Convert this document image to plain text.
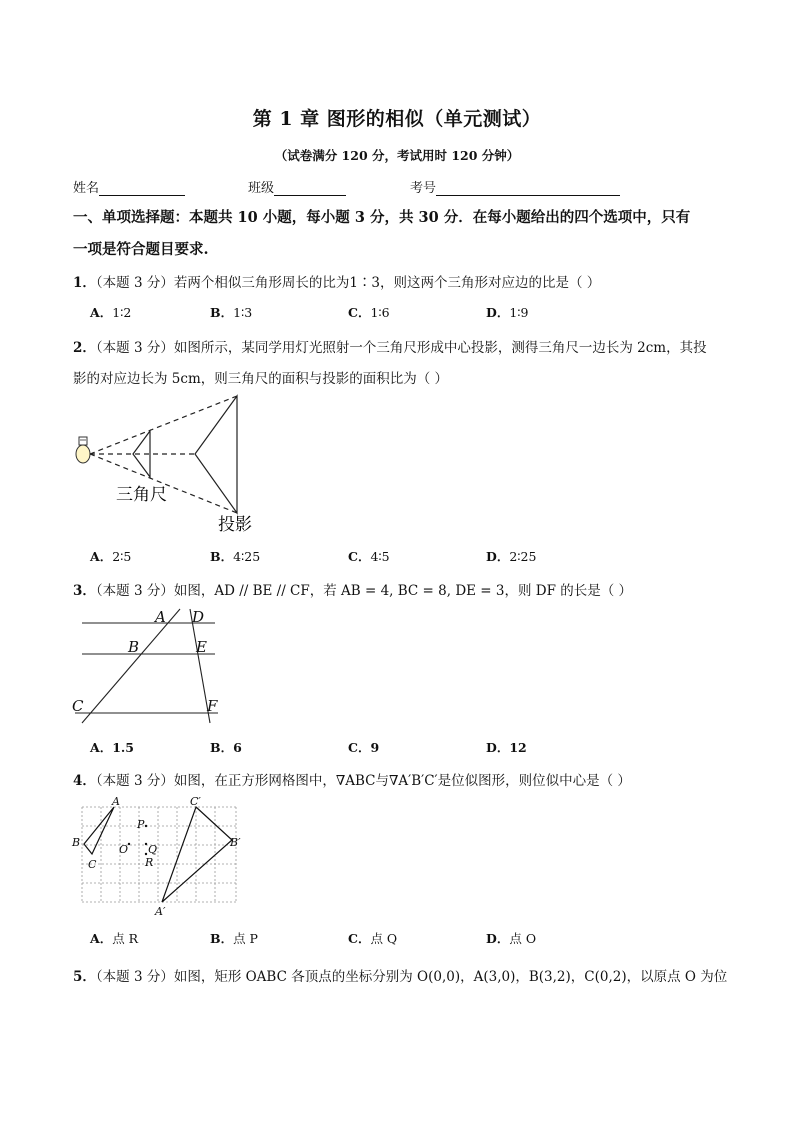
第 1 章 图形的相似（单元测试）
（试卷满分 120 分，考试用时 120 分钟）
姓名	班级	考号
一、单项选择题：本题共 10 小题，每小题 3 分，共 30 分．在每小题给出的四个选项中，只有
一项是符合题目要求.
1．（本题 3 分）若两个相似三角形周长的比为1∶3，则这两个三角形对应边的比是（ ）
A．1∶2	B．1∶3	C．1∶6	D．1∶9
2．（本题 3 分）如图所示，某同学用灯光照射一个三角尺形成中心投影，测得三角尺一边长为 2cm，其投
影的对应边长为 5cm，则三角尺的面积与投影的面积比为（ ）
三角尺
投影
A．2∶5	B．4∶25	C．4∶5	D．2∶25
3．（本题 3 分）如图，AD // BE // CF，若 AB = 4, BC = 8, DE = 3，则 DF 的长是（ ）
A D
B	E
C	F
A．1.5	B．6	C．9	D．12
4．（本题 3 分）如图，在正方形网格图中，∇ABC与∇A′B′C′是位似图形，则位似中心是（ ）
A
B
C
P
O Q
R
C′
B′
A′
A．点 R	B．点 P	C．点 Q	D．点 O
5．（本题 3 分）如图，矩形 OABC 各顶点的坐标分别为 O(0,0)，A(3,0)，B(3,2)，C(0,2)，以原点 O 为位
